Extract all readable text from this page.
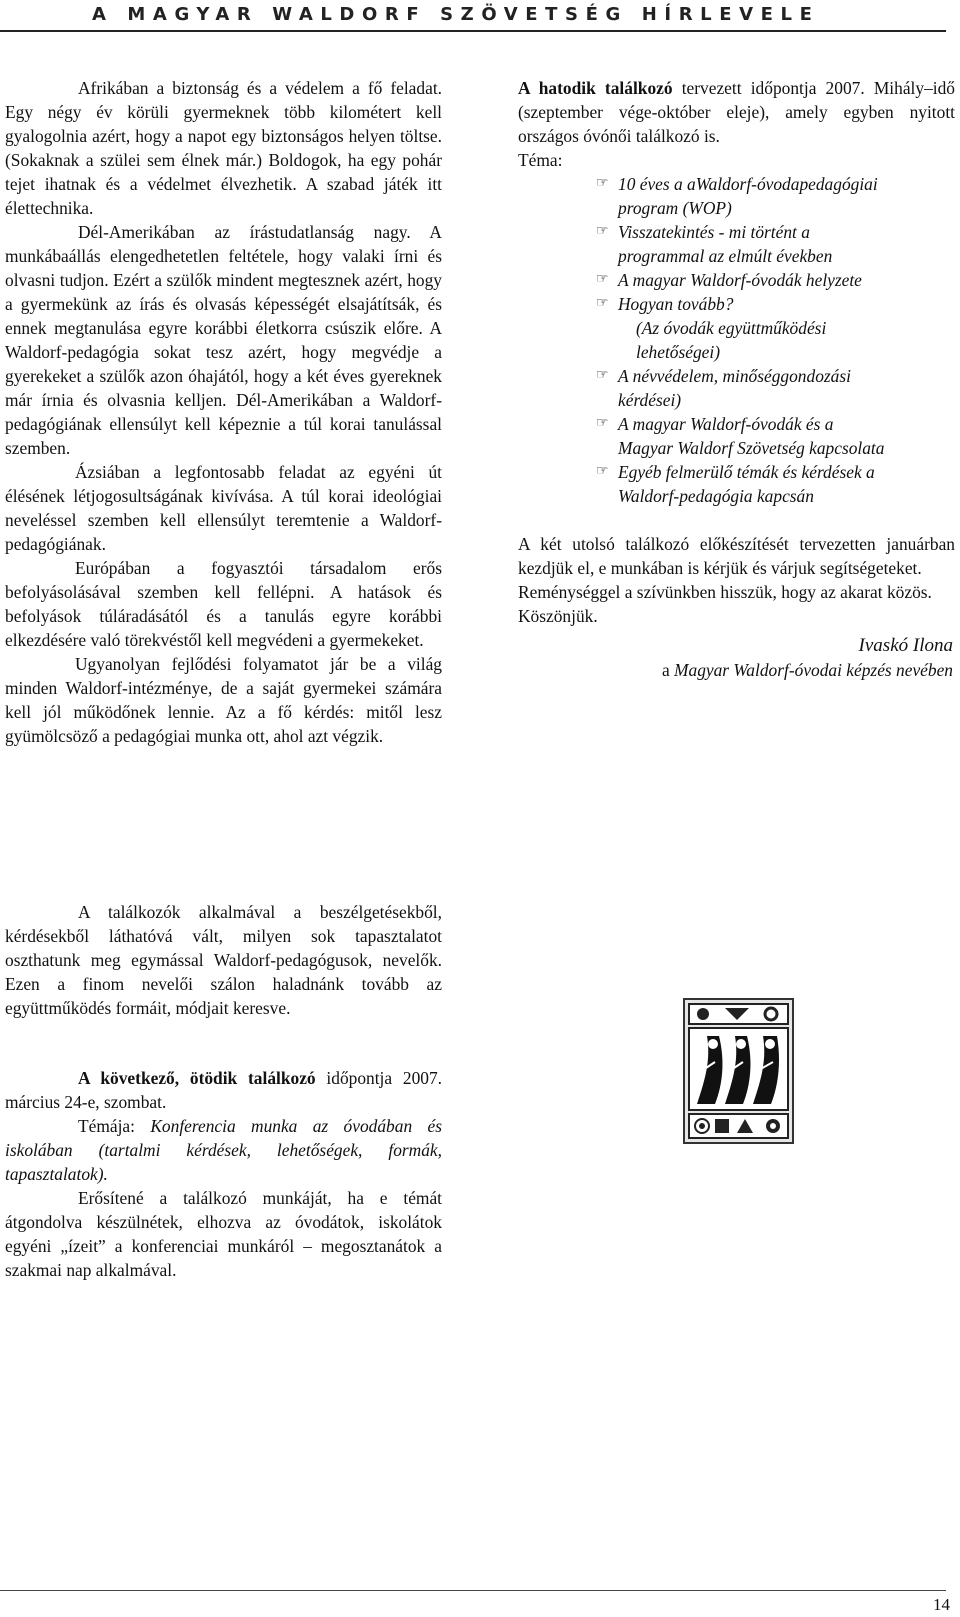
A MAGYAR WALDORF SZÖVETSÉG HÍRLEVELE

Afrikában a biztonság és a védelem a fő feladat. Egy négy év körüli gyermeknek több kilométert kell gyalogolnia azért, hogy a napot egy biztonságos helyen töltse. (Sokaknak a szülei sem élnek már.) Boldogok, ha egy pohár tejet ihatnak és a védelmet élvezhetik. A szabad játék itt élettechnika.

Dél-Amerikában az írástudatlanság nagy. A munkábaállás elengedhetetlen feltétele, hogy valaki írni és olvasni tudjon. Ezért a szülők mindent megtesznek azért, hogy a gyermekünk az írás és olvasás képességét elsajátítsák, és ennek megtanulása egyre korábbi életkorra csúszik előre. A Waldorf-pedagógia sokat tesz azért, hogy megvédje a gyerekeket a szülők azon óhajától, hogy a két éves gyereknek már írnia és olvasnia kelljen. Dél-Amerikában a Waldorf-pedagógiának ellensúlyt kell képeznie a túl korai tanulással szemben.

Ázsiában a legfontosabb feladat az egyéni út élésének létjogosultságának kivívása. A túl korai ideológiai neveléssel szemben kell ellensúlyt teremtenie a Waldorf-pedagógiának.

Európában a fogyasztói társadalom erős befolyásolásával szemben kell fellépni. A hatások és befolyások túláradásától és a tanulás egyre korábbi elkezdésére való törekvéstől kell megvédeni a gyermekeket.

Ugyanolyan fejlődési folyamatot jár be a világ minden Waldorf-intézménye, de a saját gyermekei számára kell jól működőnek lennie. Az a fő kérdés: mitől lesz gyümölcsöző a pedagógiai munka ott, ahol azt végzik.

A találkozók alkalmával a beszélgetésekből, kérdésekből láthatóvá vált, milyen sok tapasztalatot oszthatunk meg egymással Waldorf-pedagógusok, nevelők. Ezen a finom nevelői szálon haladnánk tovább az együttműködés formáit, módjait keresve.

A következő, ötödik találkozó időpontja 2007. március 24-e, szombat.

Témája: Konferencia munka az óvodában és iskolában (tartalmi kérdések, lehetőségek, formák, tapasztalatok).

Erősítené a találkozó munkáját, ha e témát átgondolva készülnétek, elhozva az óvodátok, iskolátok egyéni „ízeit” a konferenciai munkáról – megosztanátok a szakmai nap alkalmával.

A hatodik találkozó tervezett időpontja 2007. Mihály–idő (szeptember vége-október eleje), amely egyben nyitott országos óvónői találkozó is.

Téma:

☞ 10 éves a aWaldorf-óvodapedagógiai
program (WOP)
☞ Visszatekintés - mi történt a
programmal az elmúlt években
☞ A magyar Waldorf-óvodák helyzete
☞ Hogyan tovább?
(Az óvodák együttműködési
lehetőségei)
☞ A névvédelem, minőséggondozási
kérdései)
☞ A magyar Waldorf-óvodák és a
Magyar Waldorf Szövetség kapcsolata
☞ Egyéb felmerülő témák és kérdések a
Waldorf-pedagógia kapcsán

A két utolsó találkozó előkészítését tervezetten januárban kezdjük el, e munkában is kérjük és várjuk segítségeteket.

Reménységgel a szívünkben hisszük, hogy az akarat közös.

Köszönjük.

Ivaskó Ilona
a Magyar Waldorf-óvodai képzés nevében
14
